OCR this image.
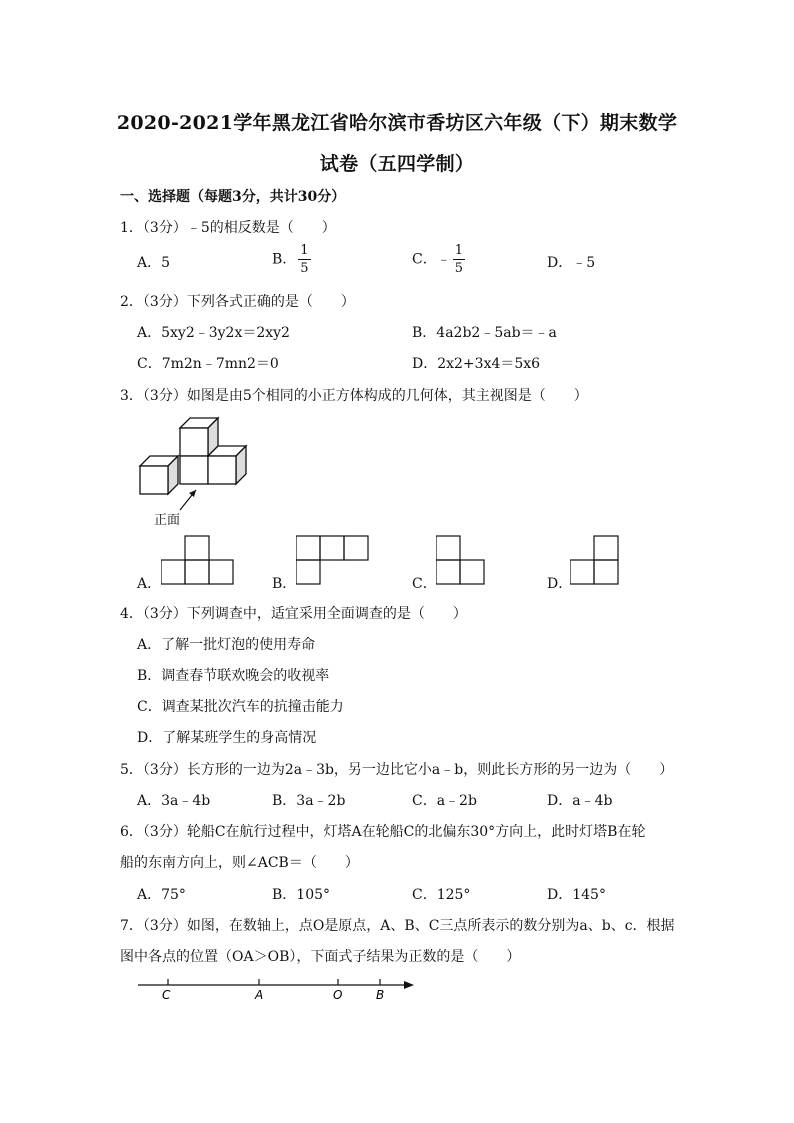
2020-2021学年黑龙江省哈尔滨市香坊区六年级（下）期末数学
试卷（五四学制）
一、选择题（每题3分，共计30分）
1．（3分）﹣5的相反数是（　　）
A．5	B． $\frac{1}{5}$	C．﹣ $\frac{1}{5}$	D．﹣5
2．（3分）下列各式正确的是（　　）
A．5xy2﹣3y2x＝2xy2	B．4a2b2﹣5ab＝﹣a
C．7m2n﹣7mn2＝0	D．2x2+3x4＝5x6
3．（3分）如图是由5个相同的小正方体构成的几何体，其主视图是（　　）
正面
A．	B．	C．	D．
4．（3分）下列调查中，适宜采用全面调查的是（　　）
A．了解一批灯泡的使用寿命
B．调查春节联欢晚会的收视率
C．调查某批次汽车的抗撞击能力
D．了解某班学生的身高情况
5．（3分）长方形的一边为2a﹣3b，另一边比它小a﹣b，则此长方形的另一边为（　　）
A．3a﹣4b	B．3a﹣2b	C．a﹣2b	D．a﹣4b
6．（3分）轮船C在航行过程中，灯塔A在轮船C的北偏东30°方向上，此时灯塔B在轮
船的东南方向上，则∠ACB＝（　　）
A．75°	B．105°	C．125°	D．145°
7．（3分）如图，在数轴上，点O是原点，A、B、C三点所表示的数分别为a、b、c．根据
图中各点的位置（OA＞OB），下面式子结果为正数的是（　　）
C	A	O	B
